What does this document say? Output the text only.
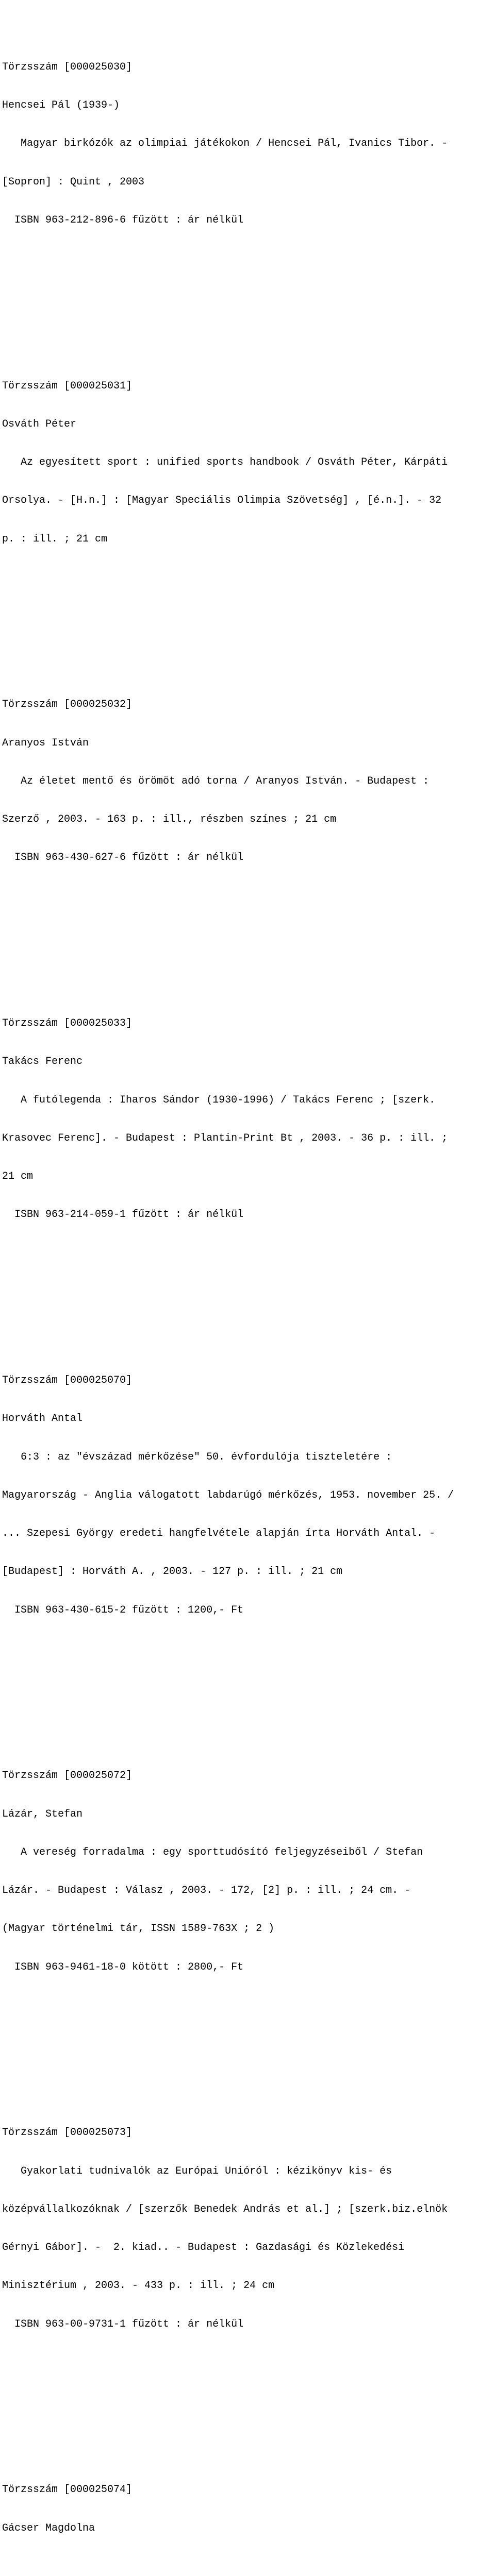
Törzsszám [000025030]

Hencsei Pál (1939-)

Magyar birkózók az olimpiai játékokon / Hencsei Pál, Ivanics Tibor. -

[Sopron] : Quint , 2003

ISBN 963-212-896-6 fűzött : ár nélkül

Törzsszám [000025031]

Osváth Péter

Az egyesített sport : unified sports handbook / Osváth Péter, Kárpáti

Orsolya. - [H.n.] : [Magyar Speciális Olimpia Szövetség] , [é.n.]. - 32

p. : ill. ; 21 cm

Törzsszám [000025032]

Aranyos István

Az életet mentő és örömöt adó torna / Aranyos István. - Budapest :

Szerző , 2003. - 163 p. : ill., részben színes ; 21 cm

ISBN 963-430-627-6 fűzött : ár nélkül

Törzsszám [000025033]

Takács Ferenc

A futólegenda : Iharos Sándor (1930-1996) / Takács Ferenc ; [szerk.

Krasovec Ferenc]. - Budapest : Plantin-Print Bt , 2003. - 36 p. : ill. ;

21 cm

ISBN 963-214-059-1 fűzött : ár nélkül

Törzsszám [000025070]

Horváth Antal

6:3 : az "évszázad mérkőzése" 50. évfordulója tiszteletére :

Magyarország - Anglia válogatott labdarúgó mérkőzés, 1953. november 25. /

... Szepesi György eredeti hangfelvétele alapján írta Horváth Antal. -

[Budapest] : Horváth A. , 2003. - 127 p. : ill. ; 21 cm

ISBN 963-430-615-2 fűzött : 1200,- Ft

Törzsszám [000025072]

Lázár, Stefan

A vereség forradalma : egy sporttudósító feljegyzéseiből / Stefan

Lázár. - Budapest : Válasz , 2003. - 172, [2] p. : ill. ; 24 cm. -

(Magyar történelmi tár, ISSN 1589-763X ; 2 )

ISBN 963-9461-18-0 kötött : 2800,- Ft

Törzsszám [000025073]

Gyakorlati tudnivalók az Európai Unióról : kézikönyv kis- és

középvállalkozóknak / [szerzők Benedek András et al.] ; [szerk.biz.elnök

Gérnyi Gábor]. -  2. kiad.. - Budapest : Gazdasági és Közlekedési

Minisztérium , 2003. - 433 p. : ill. ; 24 cm

ISBN 963-00-9731-1 fűzött : ár nélkül

Törzsszám [000025074]

Gácser Magdolna
